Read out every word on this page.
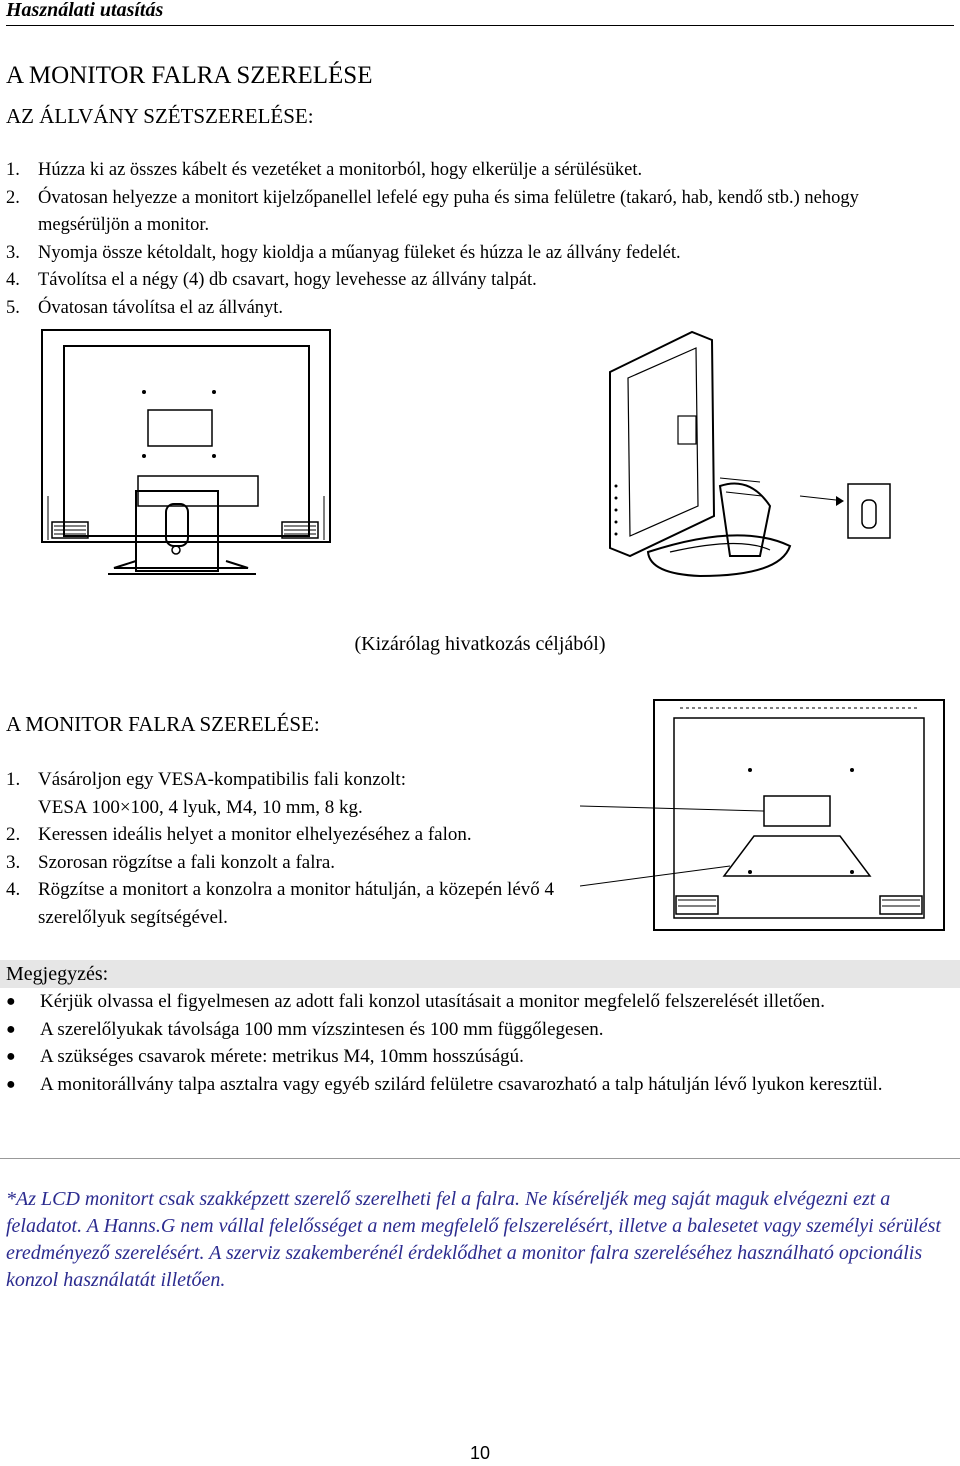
Használati utasítás
A MONITOR FALRA SZERELÉSE
AZ ÁLLVÁNY SZÉTSZERELÉSE:
1. Húzza ki az összes kábelt és vezetéket a monitorból, hogy elkerülje a sérülésüket.
2. Óvatosan helyezze a monitort kijelzőpanellel lefelé egy puha és sima felületre (takaró, hab, kendő stb.) nehogy megsérüljön a monitor.
3. Nyomja össze kétoldalt, hogy kioldja a műanyag füleket és húzza le az állvány fedelét.
4. Távolítsa el a négy (4) db csavart, hogy levehesse az állvány talpát.
5. Óvatosan távolítsa el az állványt.
(Kizárólag hivatkozás céljából)
A MONITOR FALRA SZERELÉSE:
1. Vásároljon egy VESA-kompatibilis fali konzolt:
VESA 100×100, 4 lyuk, M4, 10 mm, 8 kg.
2. Keressen ideális helyet a monitor elhelyezéséhez a falon.
3. Szorosan rögzítse a fali konzolt a falra.
4. Rögzítse a monitort a konzolra a monitor hátulján, a közepén lévő 4 szerelőlyuk segítségével.
Megjegyzés:
● Kérjük olvassa el figyelmesen az adott fali konzol utasításait a monitor megfelelő felszerelését illetően.
● A szerelőlyukak távolsága 100 mm vízszintesen és 100 mm függőlegesen.
● A szükséges csavarok mérete: metrikus M4, 10mm hosszúságú.
● A monitorállvány talpa asztalra vagy egyéb szilárd felületre csavarozható a talp hátulján lévő lyukon keresztül.
*Az LCD monitort csak szakképzett szerelő szerelheti fel a falra. Ne kíséreljék meg saját maguk elvégezni ezt a feladatot. A Hanns.G nem vállal felelősséget a nem megfelelő felszerelésért, illetve a balesetet vagy személyi sérülést eredményező szerelésért. A szerviz szakemberénél érdeklődhet a monitor falra szereléséhez használható opcionális konzol használatát illetően.
10
